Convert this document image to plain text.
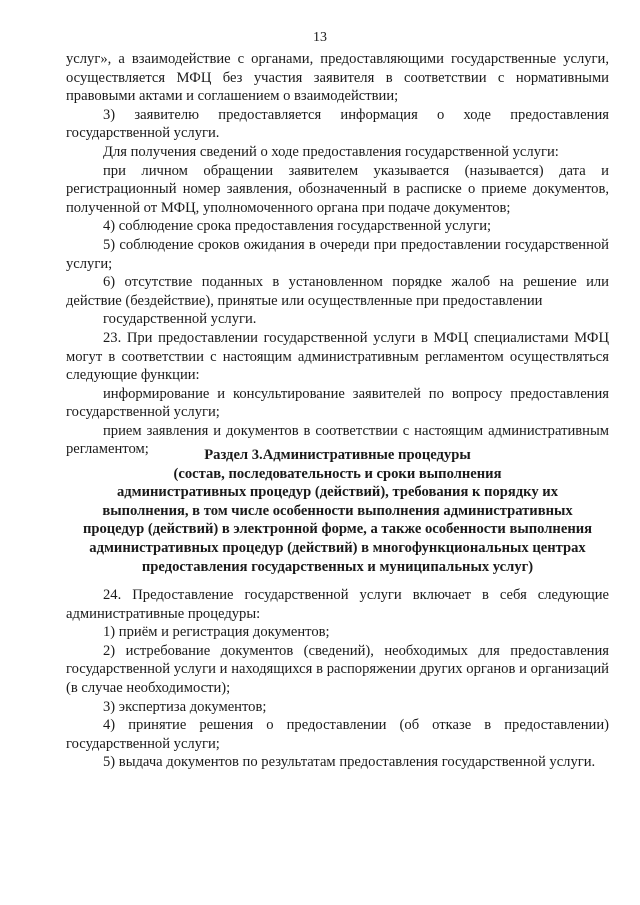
13

услуг», а взаимодействие с органами, предоставляющими государственные услуги, осуществляется МФЦ без участия заявителя в соответствии с нормативными правовыми актами и соглашением о взаимодействии;

3) заявителю предоставляется информация о ходе предоставления государственной услуги.

Для получения сведений о ходе предоставления государственной услуги:

при личном обращении заявителем указывается (называется) дата и регистрационный номер заявления, обозначенный в расписке о приеме документов, полученной от МФЦ, уполномоченного органа при подаче документов;

4) соблюдение срока предоставления государственной услуги;

5) соблюдение сроков ожидания в очереди при предоставлении государственной услуги;

6) отсутствие поданных в установленном порядке жалоб на решение или действие (бездействие), принятые или осуществленные при предоставлении

государственной услуги.

23. При предоставлении государственной услуги в МФЦ специалистами МФЦ могут в соответствии с настоящим административным регламентом осуществляться следующие функции:

информирование и консультирование заявителей по вопросу предоставления государственной услуги;

прием заявления и документов в соответствии с настоящим административным регламентом;	Раздел 3.Административные процедуры

(состав, последовательность и сроки выполнения

административных процедур (действий), требования к порядку их

выполнения, в том числе особенности выполнения административных

процедур (действий) в электронной форме, а также особенности выполнения

административных процедур (действий) в многофункциональных центрах

предоставления государственных и муниципальных услуг)

24. Предоставление государственной услуги включает в себя следующие административные процедуры:

1) приём и регистрация документов;

2) истребование документов (сведений), необходимых для предоставления государственной услуги и находящихся в распоряжении других органов и организаций (в случае необходимости);

3) экспертиза документов;

4) принятие решения о предоставлении (об отказе в предоставлении) государственной услуги;

5) выдача документов по результатам предоставления государственной услуги.
